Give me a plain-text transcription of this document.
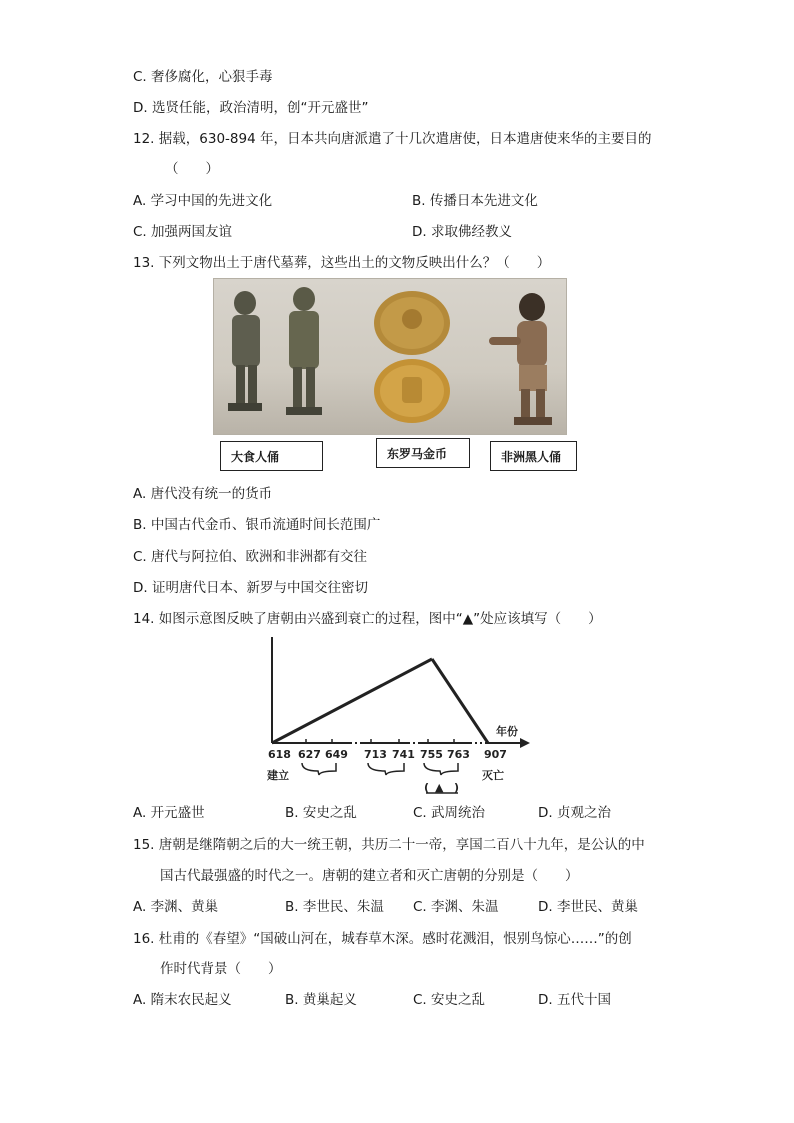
C. 奢侈腐化，心狠手毒
D. 选贤任能，政治清明，创“开元盛世”
12. 据载，630-894 年，日本共向唐派遣了十几次遣唐使，日本遣唐使来华的主要目的
（　　）
A. 学习中国的先进文化	B. 传播日本先进文化
C. 加强两国友谊	D. 求取佛经教义
13. 下列文物出土于唐代墓葬，这些出土的文物反映出什么？（　　）
大食人俑	东罗马金币	非洲黑人俑
A. 唐代没有统一的货币
B. 中国古代金币、银币流通时间长范围广
C. 唐代与阿拉伯、欧洲和非洲都有交往
D. 证明唐代日本、新罗与中国交往密切
14. 如图示意图反映了唐朝由兴盛到衰亡的过程，图中“▲”处应该填写（　　）
年份
618 627 649 713 741 755 763 907
( ▲ )
建立	灭亡
A. 开元盛世	B. 安史之乱	C. 武周统治	D. 贞观之治
15. 唐朝是继隋朝之后的大一统王朝，共历二十一帝，享国二百八十九年，是公认的中
国古代最强盛的时代之一。唐朝的建立者和灭亡唐朝的分别是（　　）
A. 李渊、黄巢	B. 李世民、朱温 C. 李渊、朱温	D. 李世民、黄巢
16. 杜甫的《春望》“国破山河在，城春草木深。感时花溅泪，恨别鸟惊心……”的创
作时代背景（　　）
A. 隋末农民起义	B. 黄巢起义	C. 安史之乱	D. 五代十国
